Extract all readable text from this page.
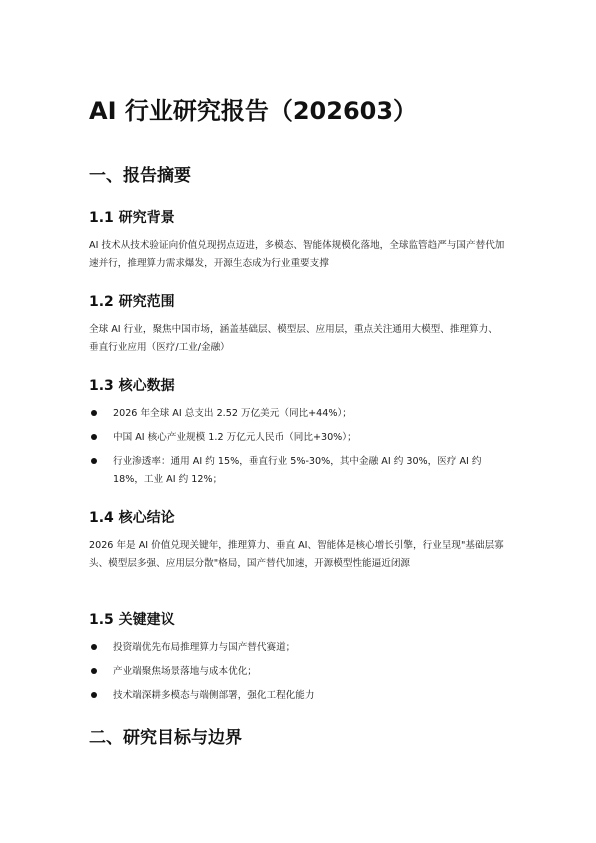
AI 行业研究报告（202603）
一、报告摘要
1.1 研究背景

AI 技术从技术验证向价值兑现拐点迈进，多模态、智能体规模化落地，全球监管趋严与国产替代加速并行，推理算力需求爆发，开源生态成为行业重要支撑

1.2 研究范围

全球 AI 行业，聚焦中国市场，涵盖基础层、模型层、应用层，重点关注通用大模型、推理算力、垂直行业应用（医疗/工业/金融）

1.3 核心数据
2026 年全球 AI 总支出 2.52 万亿美元（同比+44%）；
中国 AI 核心产业规模 1.2 万亿元人民币（同比+30%）；
行业渗透率：通用 AI 约 15%，垂直行业 5%-30%，其中金融 AI 约 30%，医疗 AI 约 18%，工业 AI 约 12%；
1.4 核心结论

2026 年是 AI 价值兑现关键年，推理算力、垂直 AI、智能体是核心增长引擎，行业呈现"基础层寡头、模型层多强、应用层分散"格局，国产替代加速，开源模型性能逼近闭源

1.5 关键建议
投资端优先布局推理算力与国产替代赛道；
产业端聚焦场景落地与成本优化；
技术端深耕多模态与端侧部署，强化工程化能力
二、研究目标与边界
